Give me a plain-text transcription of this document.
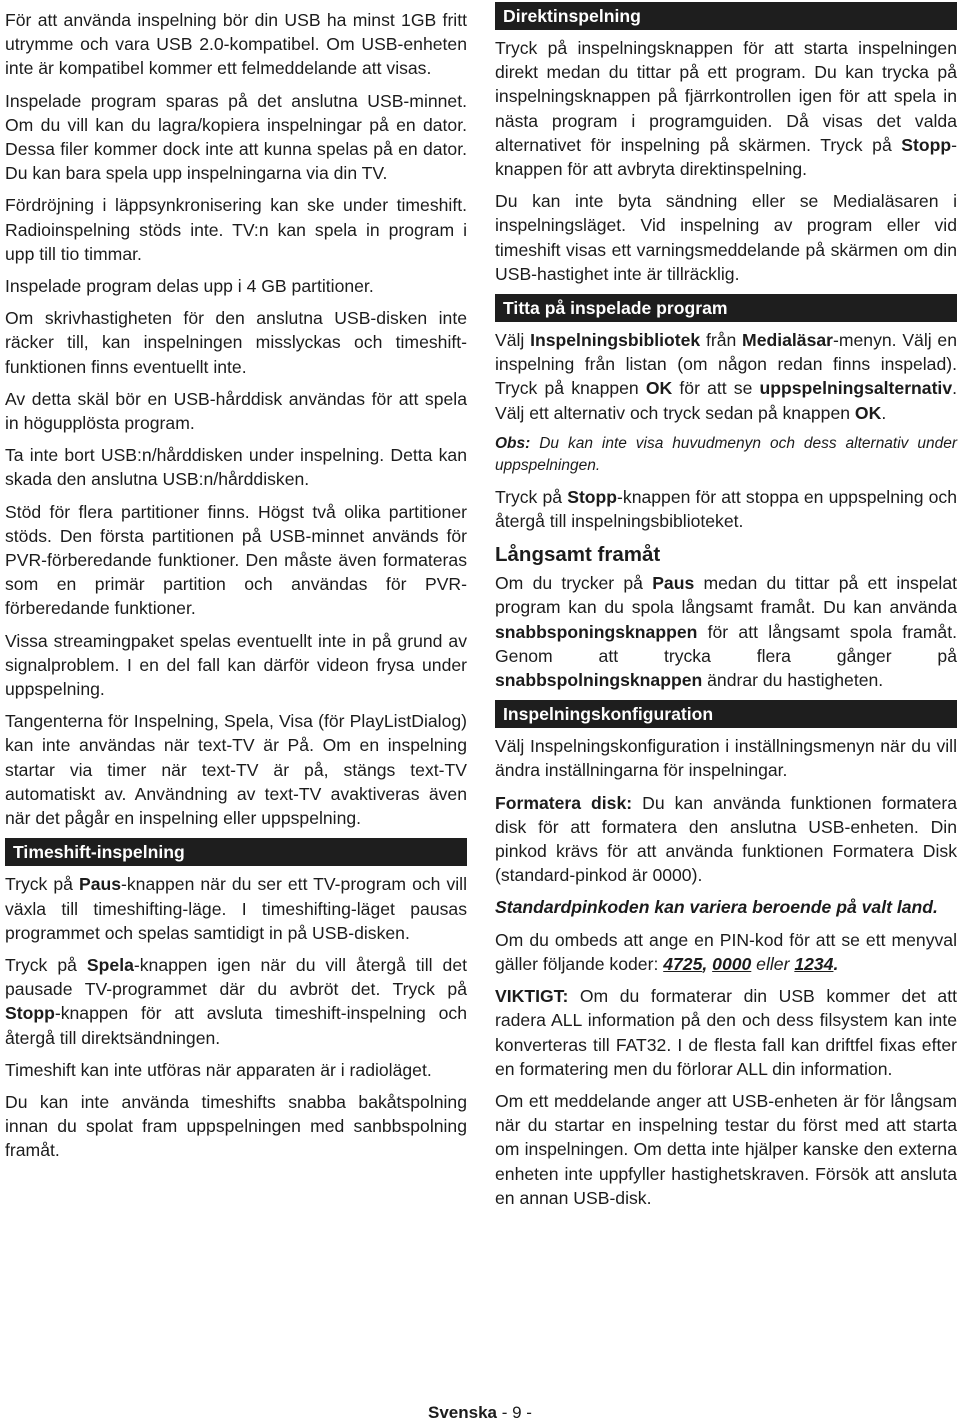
För att använda inspelning bör din USB ha minst 1GB fritt utrymme och vara USB 2.0-kompatibel. Om USB-enheten inte är kompatibel kommer ett felmeddelande att visas.

Inspelade program sparas på det anslutna USB-minnet. Om du vill kan du lagra/kopiera inspelningar på en dator. Dessa filer kommer dock inte att kunna spelas på en dator. Du kan bara spela upp inspelningarna via din TV.

Fördröjning i läppsynkronisering kan ske under timeshift. Radioinspelning stöds inte. TV:n kan spela in program i upp till tio timmar.

Inspelade program delas upp i 4 GB partitioner.

Om skrivhastigheten för den anslutna USB-disken inte räcker till, kan inspelningen misslyckas och timeshift-funktionen finns eventuellt inte.

Av detta skäl bör en USB-hårddisk användas för att spela in högupplösta program.

Ta inte bort USB:n/hårddisken under inspelning. Detta kan skada den anslutna USB:n/hårddisken.

Stöd för flera partitioner finns. Högst två olika partitioner stöds. Den första partitionen på USB-minnet används för PVR-förberedande funktioner. Den måste även formateras som en primär partition och användas för PVR-förberedande funktioner.

Vissa streamingpaket spelas eventuellt inte in på grund av signalproblem. I en del fall kan därför videon frysa under uppspelning.

Tangenterna för Inspelning, Spela, Visa (för PlayListDialog) kan inte användas när text-TV är På. Om en inspelning startar via timer när text-TV är på, stängs text-TV automatiskt av. Användning av text-TV avaktiveras även när det pågår en inspelning eller uppspelning.

Timeshift-inspelning

Tryck på Paus-knappen när du ser ett TV-program och vill växla till timeshifting-läge. I timeshifting-läget pausas programmet och spelas samtidigt in på USB-disken.

Tryck på Spela-knappen igen när du vill återgå till det pausade TV-programmet där du avbröt det. Tryck på Stopp-knappen för att avsluta timeshift-inspelning och återgå till direktsändningen.

Timeshift kan inte utföras när apparaten är i radioläget.

Du kan inte använda timeshifts snabba bakåtspolning innan du spolat fram uppspelningen med sanbbspolning framåt.

Direktinspelning

Tryck på inspelningsknappen för att starta inspelningen direkt medan du tittar på ett program. Du kan trycka på inspelningsknappen på fjärrkontrollen igen för att spela in nästa program i programguiden. Då visas det valda alternativet för inspelning på skärmen. Tryck på Stopp-knappen för att avbryta direktinspelning.

Du kan inte byta sändning eller se Medialäsaren i inspelningsläget. Vid inspelning av program eller vid timeshift visas ett varningsmeddelande på skärmen om din USB-hastighet inte är tillräcklig.

Titta på inspelade program

Välj Inspelningsbibliotek från Medialäsar-menyn. Välj en inspelning från listan (om någon redan finns inspelad). Tryck på knappen OK för att se uppspelningsalternativ. Välj ett alternativ och tryck sedan på knappen OK.

Obs: Du kan inte visa huvudmenyn och dess alternativ under uppspelningen.

Tryck på Stopp-knappen för att stoppa en uppspelning och återgå till inspelningsbiblioteket.

Långsamt framåt

Om du trycker på Paus medan du tittar på ett inspelat program kan du spola långsamt framåt. Du kan använda snabbsponingsknappen för att långsamt spola framåt. Genom att trycka flera gånger på snabbspolningsknappen ändrar du hastigheten.

Inspelningskonfiguration

Välj Inspelningskonfiguration i inställningsmenyn när du vill ändra inställningarna för inspelningar.

Formatera disk: Du kan använda funktionen formatera disk för att formatera den anslutna USB-enheten. Din pinkod krävs för att använda funktionen Formatera Disk (standard-pinkod är 0000).

Standardpinkoden kan variera beroende på valt land.

Om du ombeds att ange en PIN-kod för att se ett menyval gäller följande koder: 4725, 0000 eller 1234.

VIKTIGT: Om du formaterar din USB kommer det att radera ALL information på den och dess filsystem kan inte konverteras till FAT32. I de flesta fall kan driftfel fixas efter en formatering men du förlorar ALL din information.

Om ett meddelande anger att USB-enheten är för långsam när du startar en inspelning testar du först med att starta om inspelningen. Om detta inte hjälper kanske den externa enheten inte uppfyller hastighetskraven. Försök att ansluta en annan USB-disk.

Svenska - 9 -
